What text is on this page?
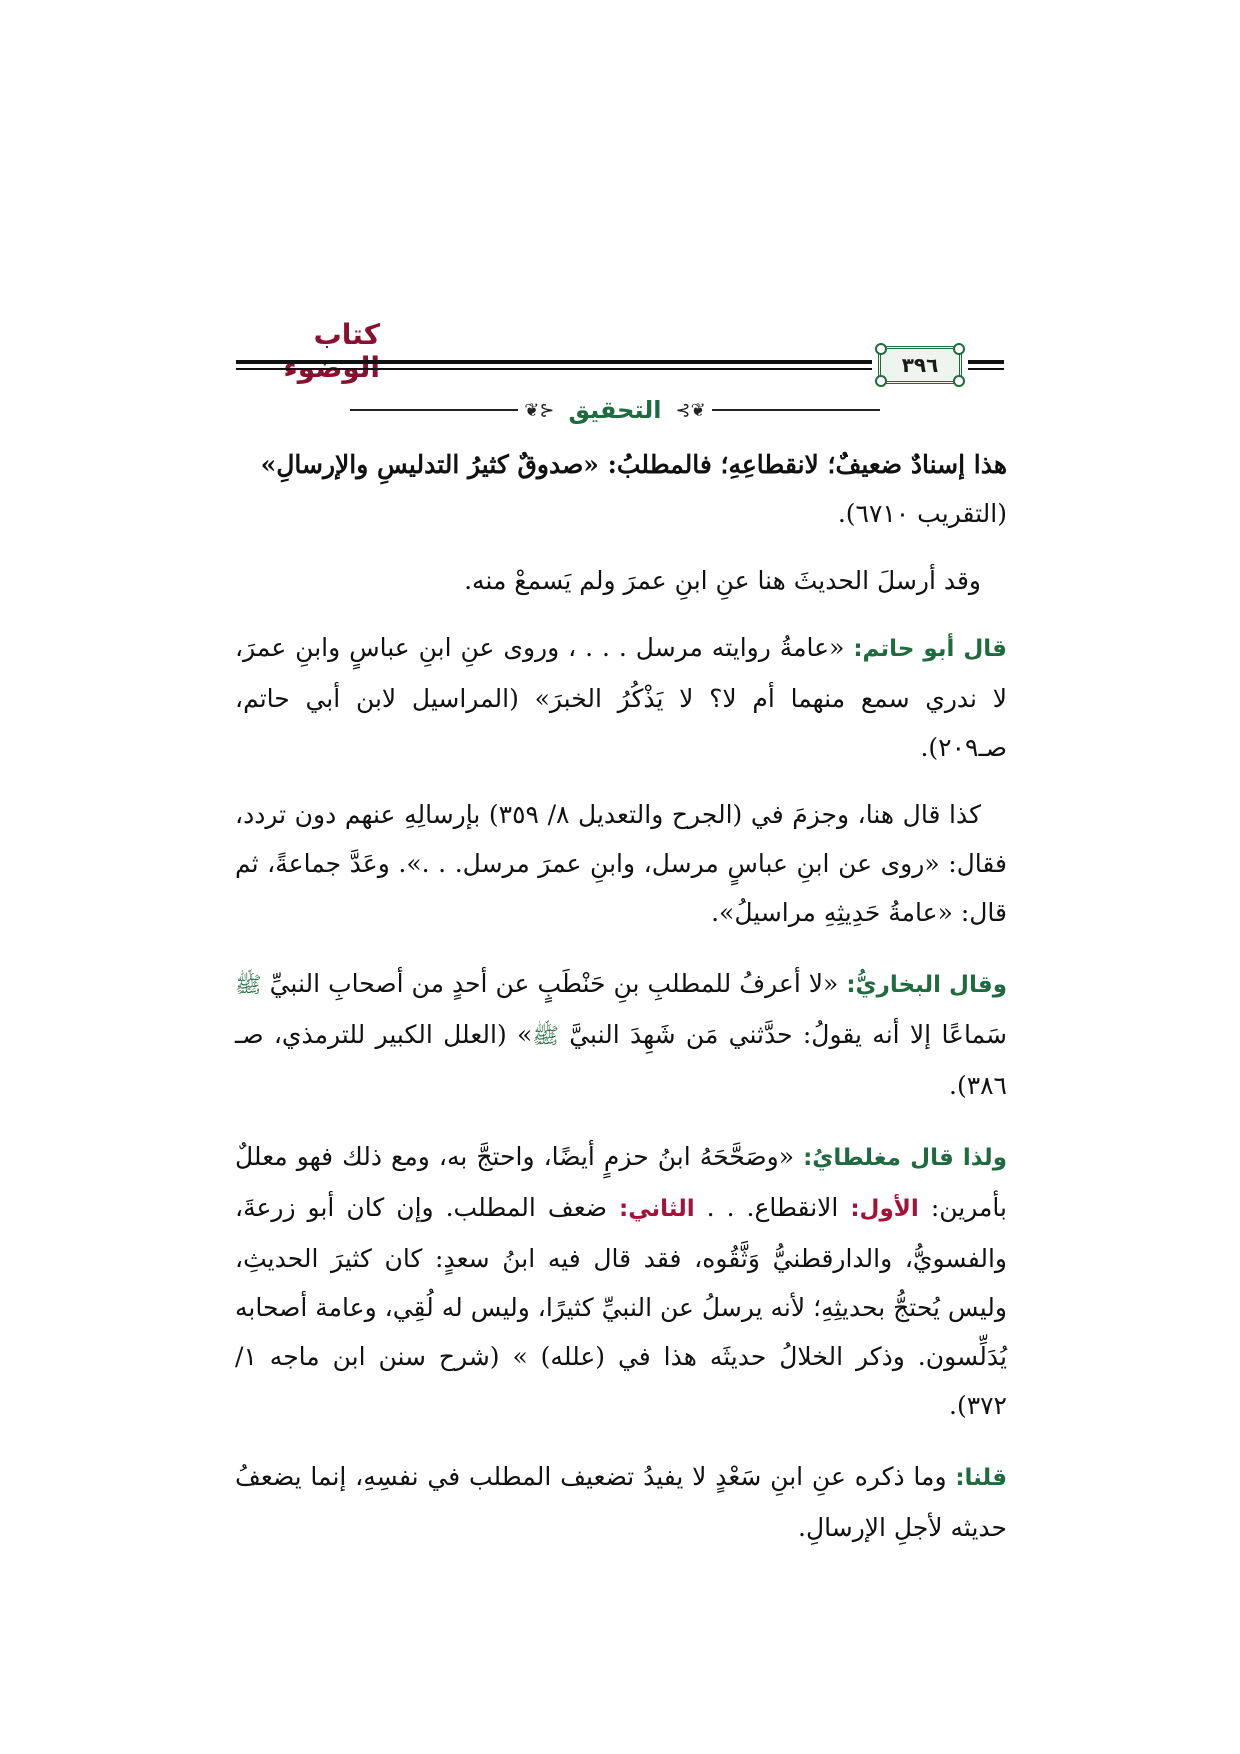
كتاب
٣٩٦
❦⊱
التحقيق
⊰❦

هذا إسنادٌ ضعيفٌ؛ لانقطاعِهِ؛ فالمطلبُ: «صدوقٌ كثيرُ التدليسِ والإرسالِ»
(التقريب ٦٧١٠).

وقد أرسلَ الحديثَ هنا عنِ ابنِ عمرَ ولم يَسمعْ منه.

قال أبو حاتم: «عامةُ روايته مرسل . . . ، وروى عنِ ابنِ عباسٍ وابنِ عمرَ، لا ندري سمع منهما أم لا؟ لا يَذْكُرُ الخبرَ» (المراسيل لابن أبي حاتم، صـ٢٠٩).

كذا قال هنا، وجزمَ في (الجرح والتعديل ٨/ ٣٥٩) بإرسالِهِ عنهم دون تردد، فقال: «روى عن ابنِ عباسٍ مرسل، وابنِ عمرَ مرسل. . .». وعَدَّ جماعةً، ثم قال: «عامةُ حَدِيثِهِ مراسيلُ».

وقال البخاريُّ: «لا أعرفُ للمطلبِ بنِ حَنْطَبٍ عن أحدٍ من أصحابِ النبيِّ ﷺ سَماعًا إلا أنه يقولُ: حدَّثني مَن شَهِدَ النبيَّ ﷺ» (العلل الكبير للترمذي، صـ ٣٨٦).

ولذا قال مغلطايُ: «وصَحَّحَهُ ابنُ حزمٍ أيضًا، واحتجَّ به، ومع ذلك فهو معللٌ بأمرين: الأول: الانقطاع. . . الثاني: ضعف المطلب. وإن كان أبو زرعةَ، والفسويُّ، والدارقطنيُّ وَثَّقُوه، فقد قال فيه ابنُ سعدٍ: كان كثيرَ الحديثِ، وليس يُحتجُّ بحديثِهِ؛ لأنه يرسلُ عن النبيِّ كثيرًا، وليس له لُقِي، وعامة أصحابه يُدَلِّسون. وذكر الخلالُ حديثَه هذا في (علله) » (شرح سنن ابن ماجه ١/ ٣٧٢).

قلنا: وما ذكره عنِ ابنِ سَعْدٍ لا يفيدُ تضعيف المطلب في نفسِهِ، إنما يضعفُ حديثه لأجلِ الإرسالِ.
